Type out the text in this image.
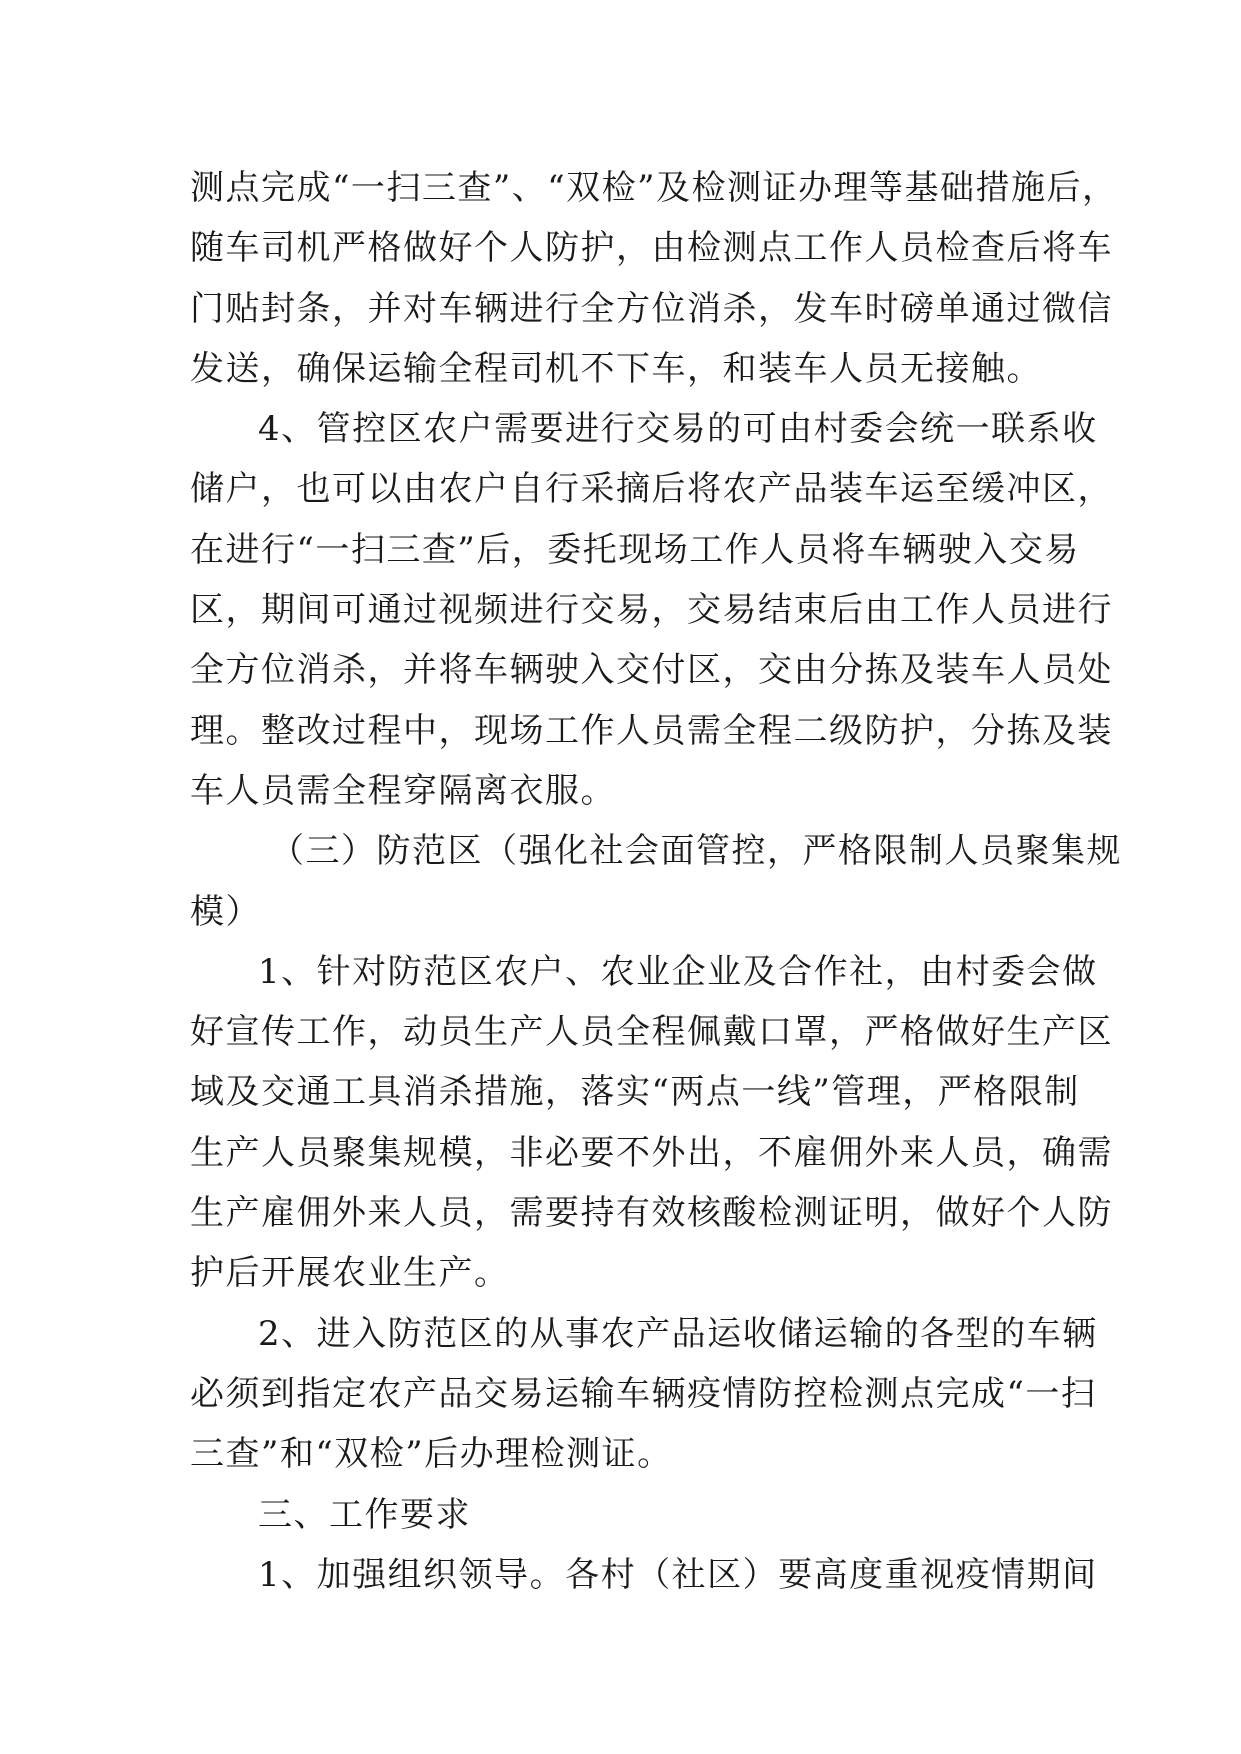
测点完成“一扫三查”、“双检”及检测证办理等基础措施后，
随车司机严格做好个人防护，由检测点工作人员检查后将车
门贴封条，并对车辆进行全方位消杀，发车时磅单通过微信
发送，确保运输全程司机不下车，和装车人员无接触。
4、管控区农户需要进行交易的可由村委会统一联系收
储户，也可以由农户自行采摘后将农产品装车运至缓冲区，
在进行“一扫三查”后，委托现场工作人员将车辆驶入交易
区，期间可通过视频进行交易，交易结束后由工作人员进行
全方位消杀，并将车辆驶入交付区，交由分拣及装车人员处
理。整改过程中，现场工作人员需全程二级防护，分拣及装
车人员需全程穿隔离衣服。
（三）防范区（强化社会面管控，严格限制人员聚集规
模）
1、针对防范区农户、农业企业及合作社，由村委会做
好宣传工作，动员生产人员全程佩戴口罩，严格做好生产区
域及交通工具消杀措施，落实“两点一线”管理，严格限制
生产人员聚集规模，非必要不外出，不雇佣外来人员，确需
生产雇佣外来人员，需要持有效核酸检测证明，做好个人防
护后开展农业生产。
2、进入防范区的从事农产品运收储运输的各型的车辆
必须到指定农产品交易运输车辆疫情防控检测点完成“一扫
三查”和“双检”后办理检测证。
三、工作要求
1、加强组织领导。各村（社区）要高度重视疫情期间
